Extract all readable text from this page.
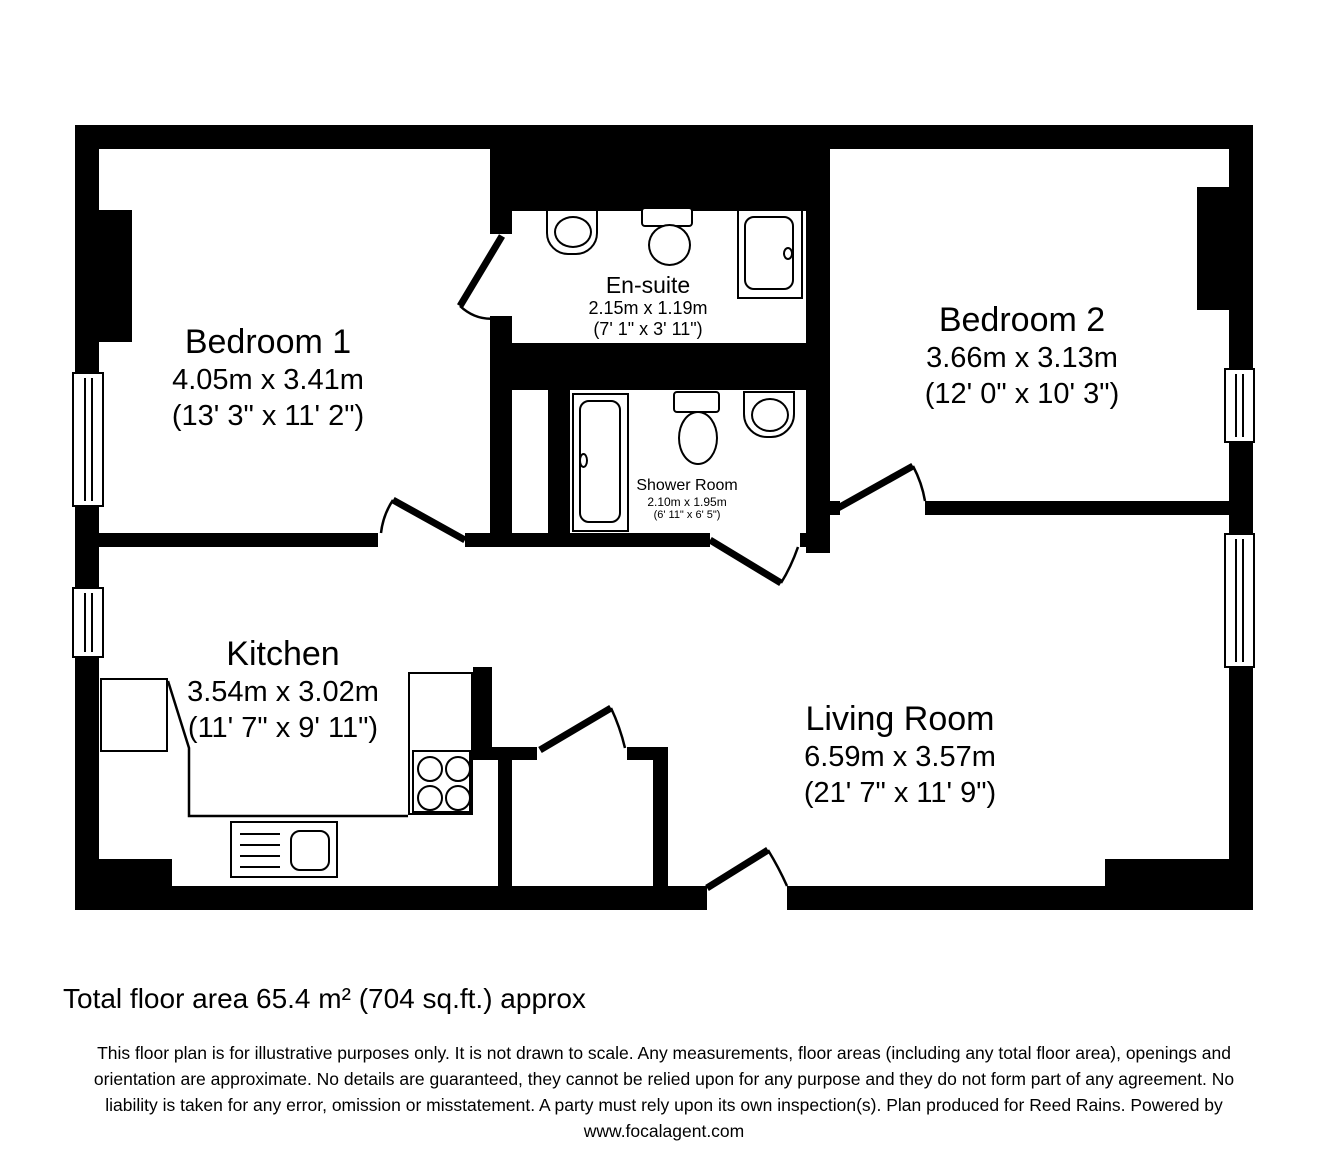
Bedroom 1
4.05m x 3.41m
(13' 3" x 11' 2")
En-suite
2.15m x 1.19m
(7' 1" x 3' 11")
Shower Room
2.10m x 1.95m
(6' 11" x 6' 5")
Bedroom 2
3.66m x 3.13m
(12' 0" x 10' 3")
Kitchen
3.54m x 3.02m
(11' 7" x 9' 11")	Living Room
6.59m x 3.57m
(21' 7" x 11' 9")
Total floor area 65.4 m² (704 sq.ft.) approx
This floor plan is for illustrative purposes only. It is not drawn to scale. Any measurements, floor areas (including any total floor area), openings and
orientation are approximate. No details are guaranteed, they cannot be relied upon for any purpose and they do not form part of any agreement. No
liability is taken for any error, omission or misstatement. A party must rely upon its own inspection(s). Plan produced for Reed Rains. Powered by
www.focalagent.com
